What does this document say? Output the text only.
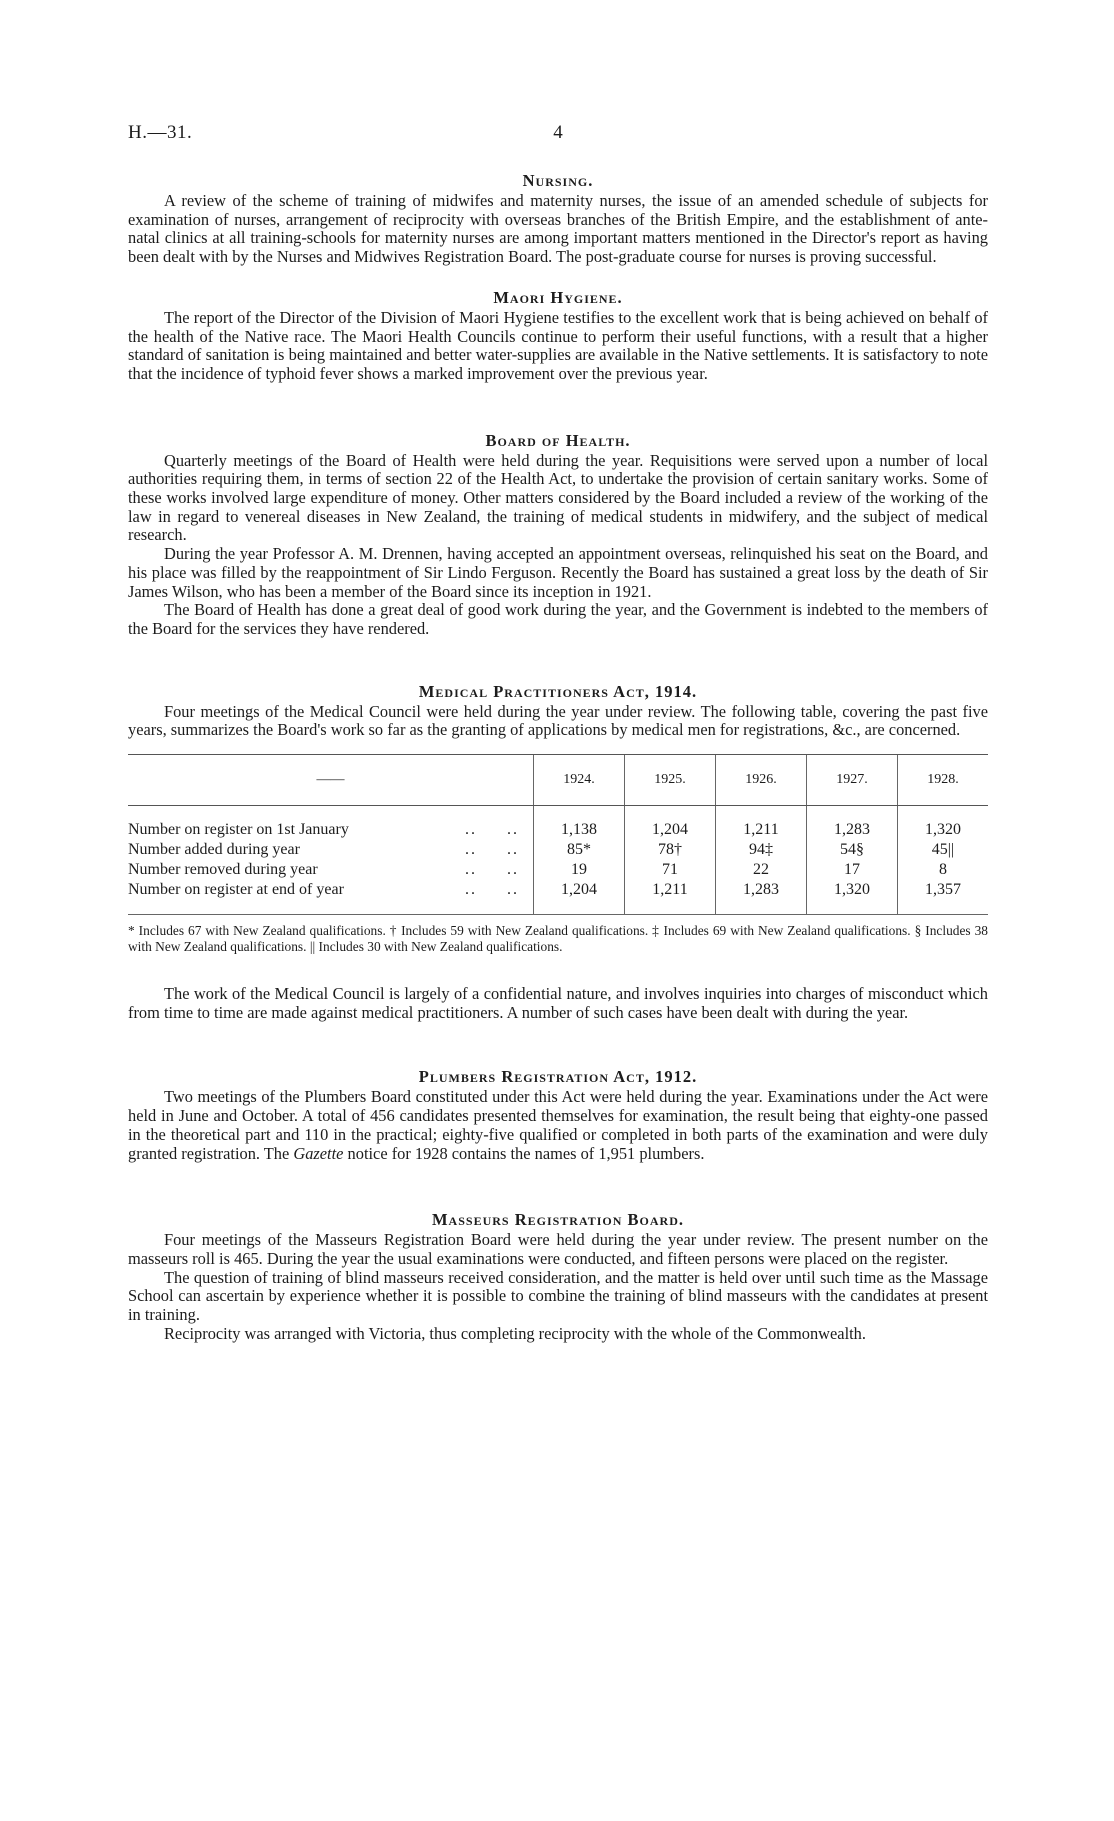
H.—31.	4
Nursing.

A review of the scheme of training of midwifes and maternity nurses, the issue of an amended schedule of subjects for examination of nurses, arrangement of reciprocity with overseas branches of the British Empire, and the establishment of ante-natal clinics at all training-schools for maternity nurses are among important matters mentioned in the Director's report as having been dealt with by the Nurses and Midwives Registration Board. The post-graduate course for nurses is proving successful.

Maori Hygiene.

The report of the Director of the Division of Maori Hygiene testifies to the excellent work that is being achieved on behalf of the health of the Native race. The Maori Health Councils continue to perform their useful functions, with a result that a higher standard of sanitation is being maintained and better water-supplies are available in the Native settlements. It is satisfactory to note that the incidence of typhoid fever shows a marked improvement over the previous year.

Board of Health.

Quarterly meetings of the Board of Health were held during the year. Requisitions were served upon a number of local authorities requiring them, in terms of section 22 of the Health Act, to undertake the provision of certain sanitary works. Some of these works involved large expenditure of money. Other matters considered by the Board included a review of the working of the law in regard to venereal diseases in New Zealand, the training of medical students in midwifery, and the subject of medical research.

During the year Professor A. M. Drennen, having accepted an appointment overseas, relinquished his seat on the Board, and his place was filled by the reappointment of Sir Lindo Ferguson. Recently the Board has sustained a great loss by the death of Sir James Wilson, who has been a member of the Board since its inception in 1921.

The Board of Health has done a great deal of good work during the year, and the Government is indebted to the members of the Board for the services they have rendered.

Medical Practitioners Act, 1914.

Four meetings of the Medical Council were held during the year under review. The following table, covering the past five years, summarizes the Board's work so far as the granting of applications by medical men for registrations, &c., are concerned.

——	1924.	1925.	1926.	1927.	1928.
Number on register on 1st January ..     ..	1,138	1,204	1,211	1,283	1,320
Number added during year ..     ..	85*	78†	94‡	54§	45||
Number removed during year ..     ..	19	71	22	17	8
Number on register at end of year ..     ..	1,204	1,211	1,283	1,320	1,357
* Includes 67 with New Zealand qualifications. † Includes 59 with New Zealand qualifications. ‡ Includes 69 with New Zealand qualifications. § Includes 38 with New Zealand qualifications. || Includes 30 with New Zealand qualifications.

The work of the Medical Council is largely of a confidential nature, and involves inquiries into charges of misconduct which from time to time are made against medical practitioners. A number of such cases have been dealt with during the year.

Plumbers Registration Act, 1912.

Two meetings of the Plumbers Board constituted under this Act were held during the year. Examinations under the Act were held in June and October. A total of 456 candidates presented themselves for examination, the result being that eighty-one passed in the theoretical part and 110 in the practical; eighty-five qualified or completed in both parts of the examination and were duly granted registration. The Gazette notice for 1928 contains the names of 1,951 plumbers.

Masseurs Registration Board.

Four meetings of the Masseurs Registration Board were held during the year under review. The present number on the masseurs roll is 465. During the year the usual examinations were conducted, and fifteen persons were placed on the register.

The question of training of blind masseurs received consideration, and the matter is held over until such time as the Massage School can ascertain by experience whether it is possible to combine the training of blind masseurs with the candidates at present in training.

Reciprocity was arranged with Victoria, thus completing reciprocity with the whole of the Commonwealth.
